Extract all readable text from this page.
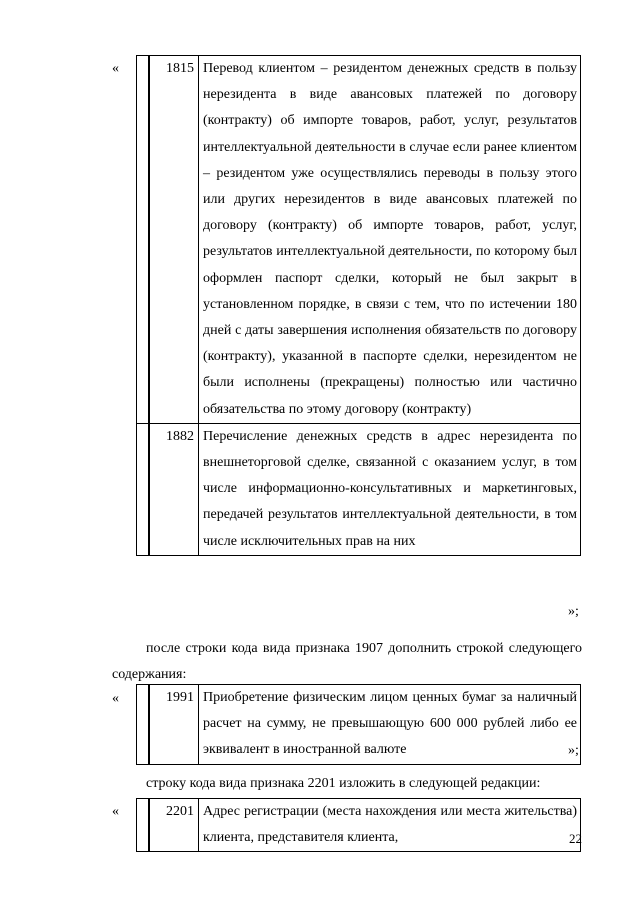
«
		1815	Перевод клиентом – резидентом денежных средств в пользу нерезидента в виде авансовых платежей по договору (контракту) об импорте товаров, работ, услуг, результатов интеллектуальной деятельности в случае если ранее клиентом – резидентом уже осуществлялись переводы в пользу этого или других нерезидентов в виде авансовых платежей по договору (контракту) об импорте товаров, работ, услуг, результатов интеллектуальной деятельности, по которому был оформлен паспорт сделки, который не был закрыт в установленном порядке, в связи с тем, что по истечении 180 дней с даты завершения исполнения обязательств по договору (контракту), указанной в паспорте сделки, нерезидентом не были исполнены (прекращены) полностью или частично обязательства по этому договору (контракту)
	1882	Перечисление денежных средств в адрес нерезидента по внешнеторговой сделке, связанной с оказанием услуг, в том числе информационно-консультативных и маркетинговых, передачей результатов интеллектуальной деятельности, в том числе исключительных прав на них
»;

после строки кода вида признака 1907 дополнить строкой следующего содержания:

«
		1991	Приобретение физическим лицом ценных бумаг за наличный расчет на сумму, не превышающую 600 000 рублей либо ее эквивалент в иностранной валюте	»;

строку кода вида признака 2201 изложить в следующей редакции:

«
		2201	Адрес регистрации (места нахождения или места жительства) клиента, представителя клиента,	22
